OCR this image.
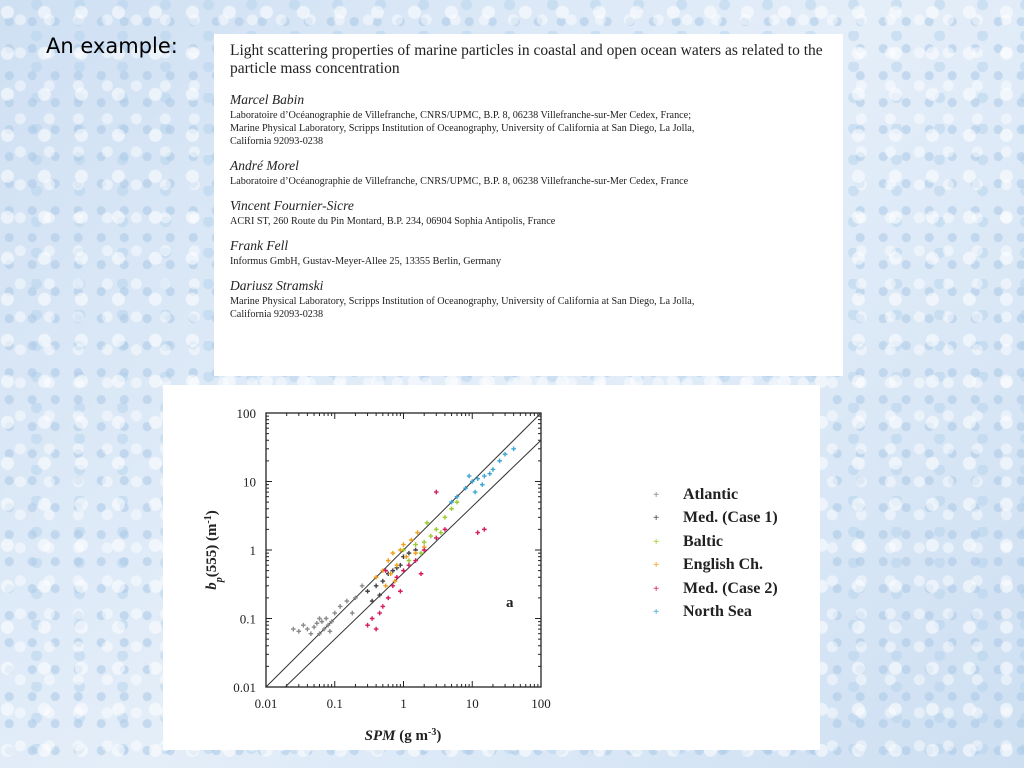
An example:	Light scattering properties of marine particles in coastal and open ocean waters as related to the particle mass concentration
Marcel Babin
Laboratoire d’Océanographie de Villefranche, CNRS/UPMC, B.P. 8, 06238 Villefranche-sur-Mer Cedex, France;
Marine Physical Laboratory, Scripps Institution of Oceanography, University of California at San Diego, La Jolla,
California 92093-0238
André Morel
Laboratoire d’Océanographie de Villefranche, CNRS/UPMC, B.P. 8, 06238 Villefranche-sur-Mer Cedex, France
Vincent Fournier-Sicre
ACRI ST, 260 Route du Pin Montard, B.P. 234, 06904 Sophia Antipolis, France
Frank Fell
Informus GmbH, Gustav-Meyer-Allee 25, 13355 Berlin, Germany
Dariusz Stramski
Marine Physical Laboratory, Scripps Institution of Oceanography, University of California at San Diego, La Jolla,
California 92093-0238
0.01	0.1	1	10	100
0.01
0.1
1
10
100
a
SPM (g $m^{-3}$)
$b_p(555)$ $(m^{-1})$
+	Atlantic
+	Med. (Case 1)
+	Baltic
+	English Ch.
+	Med. (Case 2)
+	North Sea
